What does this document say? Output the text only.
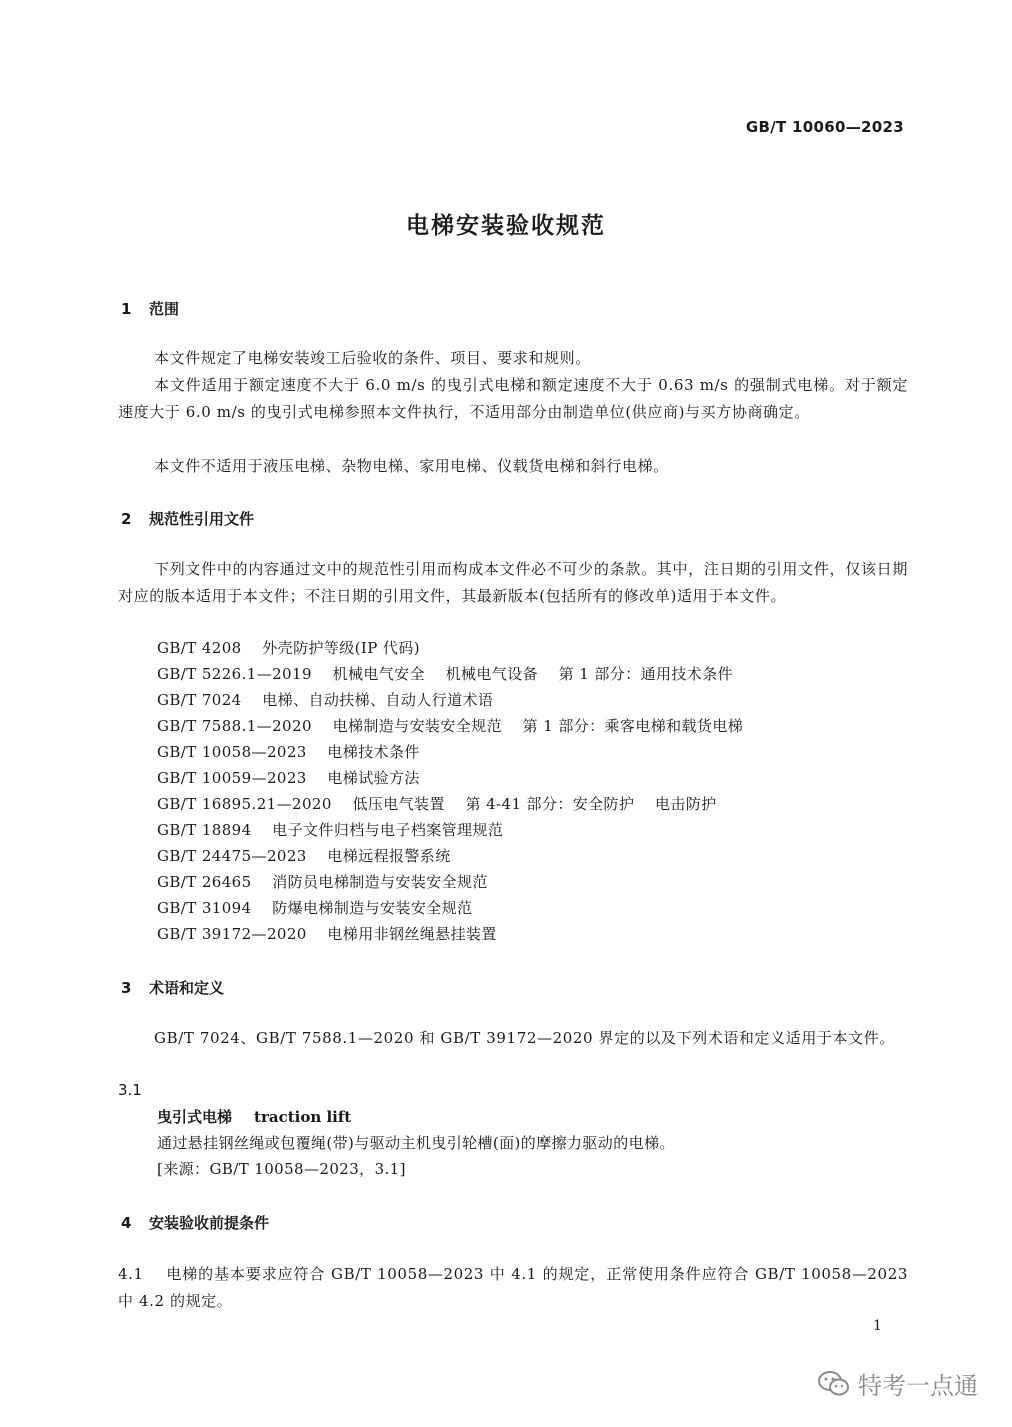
GB/T 10060—2023
电梯安装验收规范
1 范围
本文件规定了电梯安装竣工后验收的条件、项目、要求和规则。
本文件适用于额定速度不大于 6.0 m/s 的曳引式电梯和额定速度不大于 0.63 m/s 的强制式电梯。对于额定速度大于 6.0 m/s 的曳引式电梯参照本文件执行，不适用部分由制造单位(供应商)与买方协商确定。
本文件不适用于液压电梯、杂物电梯、家用电梯、仪载货电梯和斜行电梯。
2 规范性引用文件
下列文件中的内容通过文中的规范性引用而构成本文件必不可少的条款。其中，注日期的引用文件，仅该日期对应的版本适用于本文件；不注日期的引用文件，其最新版本(包括所有的修改单)适用于本文件。
GB/T 4208    外壳防护等级(IP 代码)
GB/T 5226.1—2019    机械电气安全    机械电气设备    第 1 部分：通用技术条件
GB/T 7024    电梯、自动扶梯、自动人行道术语
GB/T 7588.1—2020    电梯制造与安装安全规范    第 1 部分：乘客电梯和载货电梯
GB/T 10058—2023    电梯技术条件
GB/T 10059—2023    电梯试验方法
GB/T 16895.21—2020    低压电气装置    第 4-41 部分：安全防护    电击防护
GB/T 18894    电子文件归档与电子档案管理规范
GB/T 24475—2023    电梯远程报警系统
GB/T 26465    消防员电梯制造与安装安全规范
GB/T 31094    防爆电梯制造与安装安全规范
GB/T 39172—2020    电梯用非钢丝绳悬挂装置
3 术语和定义
GB/T 7024、GB/T 7588.1—2020 和 GB/T 39172—2020 界定的以及下列术语和定义适用于本文件。
3.1
曳引式电梯 traction lift
通过悬挂钢丝绳或包覆绳(带)与驱动主机曳引轮槽(面)的摩擦力驱动的电梯。
[来源：GB/T 10058—2023，3.1]
4 安装验收前提条件
4.1    电梯的基本要求应符合 GB/T 10058—2023 中 4.1 的规定，正常使用条件应符合 GB/T 10058—2023 中 4.2 的规定。
1
特考一点通
